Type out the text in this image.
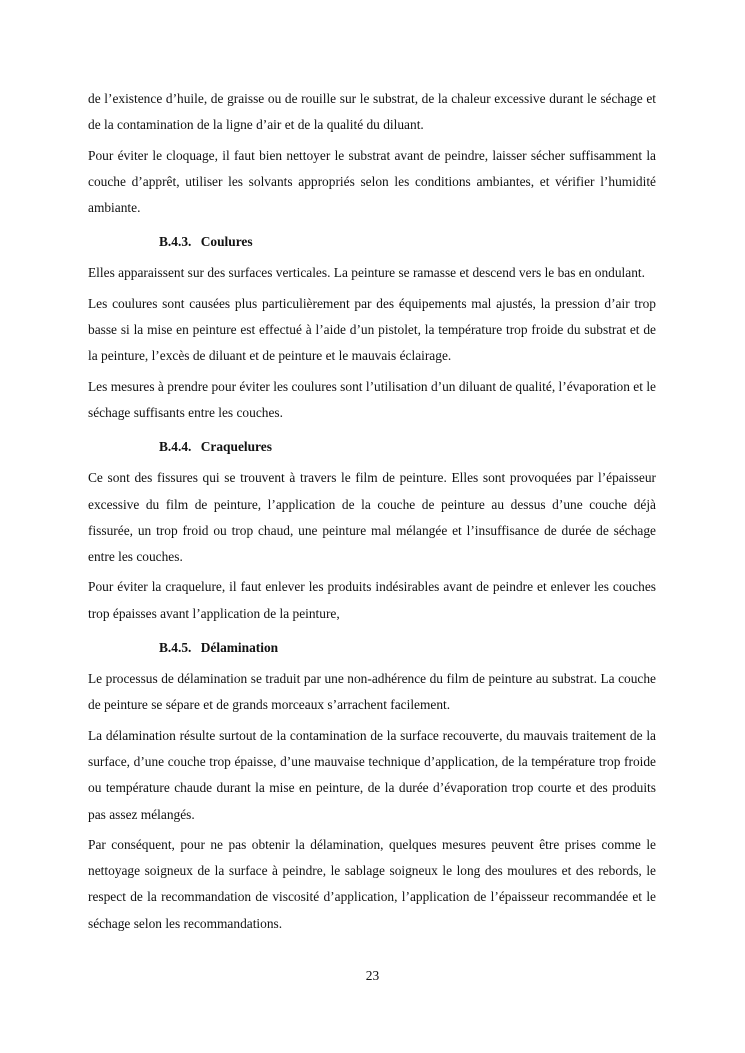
de l’existence d’huile, de graisse ou de rouille sur le substrat, de la chaleur excessive durant le séchage et de la contamination de la ligne d’air et de la qualité du diluant.

Pour éviter le cloquage, il faut bien nettoyer le substrat avant de peindre, laisser sécher suffisamment la couche d’apprêt, utiliser les solvants appropriés selon les conditions ambiantes, et vérifier l’humidité ambiante.

B.4.3. Coulures

Elles apparaissent sur des surfaces verticales. La peinture se ramasse et descend vers le bas en ondulant.

Les coulures sont causées plus particulièrement par des équipements mal ajustés, la pression d’air trop basse si la mise en peinture est effectué à l’aide d’un pistolet, la température trop froide du substrat et de la peinture, l’excès de diluant et de peinture et le mauvais éclairage.

Les mesures à prendre pour éviter les coulures sont l’utilisation d’un diluant de qualité, l’évaporation et le séchage suffisants entre les couches.

B.4.4. Craquelures

Ce sont des fissures qui se trouvent à travers le film de peinture. Elles sont provoquées par l’épaisseur excessive du film de peinture, l’application de la couche de peinture au dessus d’une couche déjà fissurée, un trop froid ou trop chaud, une peinture mal mélangée et l’insuffisance de durée de séchage entre les couches.

Pour éviter la craquelure, il faut enlever les produits indésirables avant de peindre et enlever les couches trop épaisses avant l’application de la peinture,

B.4.5. Délamination

Le processus de délamination se traduit par une non-adhérence du film de peinture au substrat. La couche de peinture se sépare et de grands morceaux s’arrachent facilement.

La délamination résulte surtout de la contamination de la surface recouverte, du mauvais traitement de la surface, d’une couche trop épaisse, d’une mauvaise technique d’application, de la température trop froide ou température chaude durant la mise en peinture, de la durée d’évaporation trop courte et des produits pas assez mélangés.

Par conséquent, pour ne pas obtenir la délamination, quelques mesures peuvent être prises comme le nettoyage soigneux de la surface à peindre, le sablage soigneux le long des moulures et des rebords, le respect de la recommandation de viscosité d’application, l’application de l’épaisseur recommandée et le séchage selon les recommandations.

23
